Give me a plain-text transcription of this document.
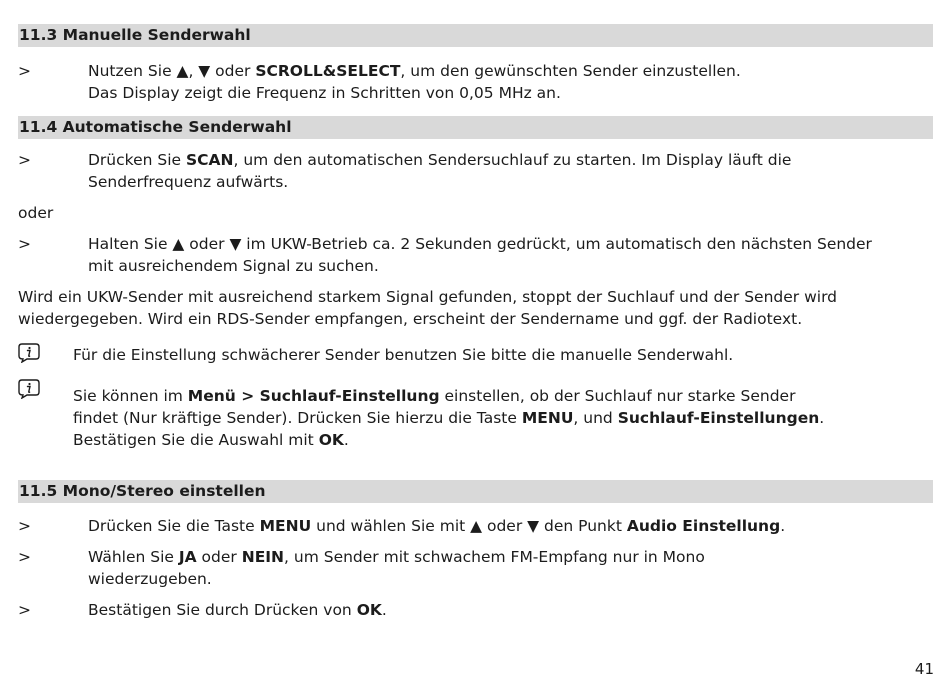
11.3 Manuelle Senderwahl
>	Nutzen Sie ▲, ▼ oder SCROLL&SELECT, um den gewünschten Sender einzustellen.
Das Display zeigt die Frequenz in Schritten von 0,05 MHz an.
11.4 Automatische Senderwahl
>	Drücken Sie SCAN, um den automatischen Sendersuchlauf zu starten. Im Display läuft die
Senderfrequenz aufwärts.
oder
>	Halten Sie ▲ oder ▼ im UKW-Betrieb ca. 2 Sekunden gedrückt, um automatisch den nächsten Sender
mit ausreichendem Signal zu suchen.
Wird ein UKW-Sender mit ausreichend starkem Signal gefunden, stoppt der Suchlauf und der Sender wird
wiedergegeben. Wird ein RDS-Sender empfangen, erscheint der Sendername und ggf. der Radiotext.
Für die Einstellung schwächerer Sender benutzen Sie bitte die manuelle Senderwahl.
Sie können im Menü > Suchlauf-Einstellung einstellen, ob der Suchlauf nur starke Sender
findet (Nur kräftige Sender). Drücken Sie hierzu die Taste MENU, und Suchlauf-Einstellungen.
Bestätigen Sie die Auswahl mit OK.
11.5 Mono/Stereo einstellen
>	Drücken Sie die Taste MENU und wählen Sie mit ▲ oder ▼ den Punkt Audio Einstellung.
>	Wählen Sie JA oder NEIN, um Sender mit schwachem FM-Empfang nur in Mono
wiederzugeben.
>	Bestätigen Sie durch Drücken von OK.
41
